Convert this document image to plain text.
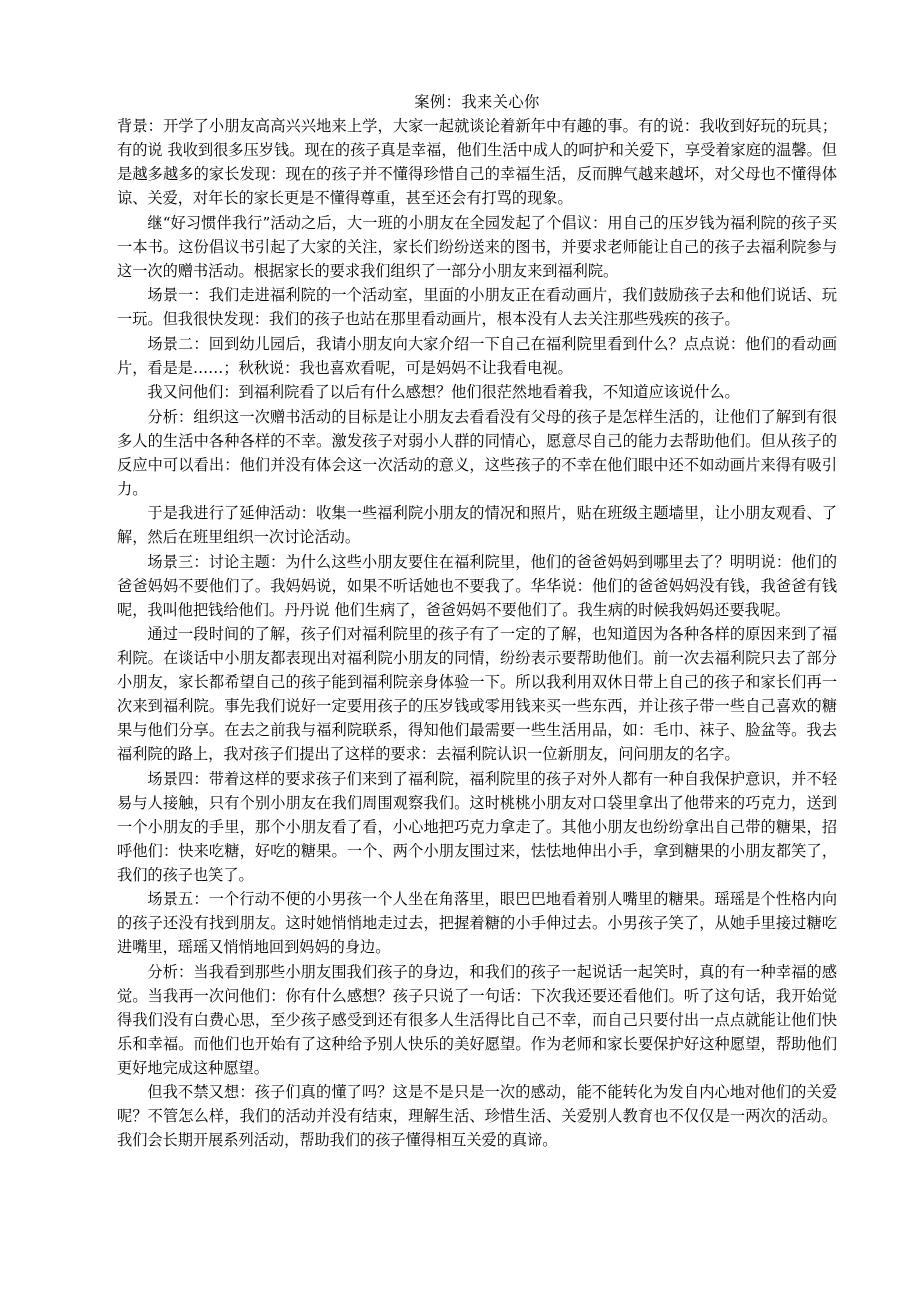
案例：我来关心你

背景：开学了小朋友高高兴兴地来上学，大家一起就谈论着新年中有趣的事。有的说：我收到好玩的玩具；有的说 我收到很多压岁钱。现在的孩子真是幸福，他们生活中成人的呵护和关爱下，享受着家庭的温馨。但是越多越多的家长发现：现在的孩子并不懂得珍惜自己的幸福生活，反而脾气越来越坏，对父母也不懂得体谅、关爱，对年长的家长更是不懂得尊重，甚至还会有打骂的现象。

继“好习惯伴我行”活动之后，大一班的小朋友在全园发起了个倡议：用自己的压岁钱为福利院的孩子买一本书。这份倡议书引起了大家的关注，家长们纷纷送来的图书，并要求老师能让自己的孩子去福利院参与这一次的赠书活动。根据家长的要求我们组织了一部分小朋友来到福利院。

场景一：我们走进福利院的一个活动室，里面的小朋友正在看动画片，我们鼓励孩子去和他们说话、玩一玩。但我很快发现：我们的孩子也站在那里看动画片，根本没有人去关注那些残疾的孩子。

场景二：回到幼儿园后，我请小朋友向大家介绍一下自己在福利院里看到什么？点点说：他们的看动画片，看是是……；秋秋说：我也喜欢看呢，可是妈妈不让我看电视。

我又问他们：到福利院看了以后有什么感想？他们很茫然地看着我，不知道应该说什么。

分析：组织这一次赠书活动的目标是让小朋友去看看没有父母的孩子是怎样生活的，让他们了解到有很多人的生活中各种各样的不幸。激发孩子对弱小人群的同情心，愿意尽自己的能力去帮助他们。但从孩子的反应中可以看出：他们并没有体会这一次活动的意义，这些孩子的不幸在他们眼中还不如动画片来得有吸引力。

于是我进行了延伸活动：收集一些福利院小朋友的情况和照片，贴在班级主题墙里，让小朋友观看、了解，然后在班里组织一次讨论活动。

场景三：讨论主题：为什么这些小朋友要住在福利院里，他们的爸爸妈妈到哪里去了？明明说：他们的爸爸妈妈不要他们了。我妈妈说，如果不听话她也不要我了。华华说：他们的爸爸妈妈没有钱，我爸爸有钱呢，我叫他把钱给他们。丹丹说 他们生病了，爸爸妈妈不要他们了。我生病的时候我妈妈还要我呢。

通过一段时间的了解，孩子们对福利院里的孩子有了一定的了解，也知道因为各种各样的原因来到了福利院。在谈话中小朋友都表现出对福利院小朋友的同情，纷纷表示要帮助他们。前一次去福利院只去了部分小朋友，家长都希望自己的孩子能到福利院亲身体验一下。所以我利用双休日带上自己的孩子和家长们再一次来到福利院。事先我们说好一定要用孩子的压岁钱或零用钱来买一些东西，并让孩子带一些自己喜欢的糖果与他们分享。在去之前我与福利院联系，得知他们最需要一些生活用品，如：毛巾、袜子、脸盆等。我去福利院的路上，我对孩子们提出了这样的要求：去福利院认识一位新朋友，问问朋友的名字。

场景四：带着这样的要求孩子们来到了福利院，福利院里的孩子对外人都有一种自我保护意识，并不轻易与人接触，只有个别小朋友在我们周围观察我们。这时桃桃小朋友对口袋里拿出了他带来的巧克力，送到一个小朋友的手里，那个小朋友看了看，小心地把巧克力拿走了。其他小朋友也纷纷拿出自己带的糖果，招呼他们：快来吃糖，好吃的糖果。一个、两个小朋友围过来，怯怯地伸出小手，拿到糖果的小朋友都笑了，我们的孩子也笑了。

场景五：一个行动不便的小男孩一个人坐在角落里，眼巴巴地看着别人嘴里的糖果。瑶瑶是个性格内向的孩子还没有找到朋友。这时她悄悄地走过去，把握着糖的小手伸过去。小男孩子笑了，从她手里接过糖吃进嘴里，瑶瑶又悄悄地回到妈妈的身边。

分析：当我看到那些小朋友围我们孩子的身边，和我们的孩子一起说话一起笑时，真的有一种幸福的感觉。当我再一次问他们：你有什么感想？孩子只说了一句话：下次我还要还看他们。听了这句话，我开始觉得我们没有白费心思，至少孩子感受到还有很多人生活得比自己不幸，而自己只要付出一点点就能让他们快乐和幸福。而他们也开始有了这种给予别人快乐的美好愿望。作为老师和家长要保护好这种愿望，帮助他们更好地完成这种愿望。

但我不禁又想：孩子们真的懂了吗？这是不是只是一次的感动，能不能转化为发自内心地对他们的关爱呢？不管怎么样，我们的活动并没有结束，理解生活、珍惜生活、关爱别人教育也不仅仅是一两次的活动。我们会长期开展系列活动，帮助我们的孩子懂得相互关爱的真谛。
